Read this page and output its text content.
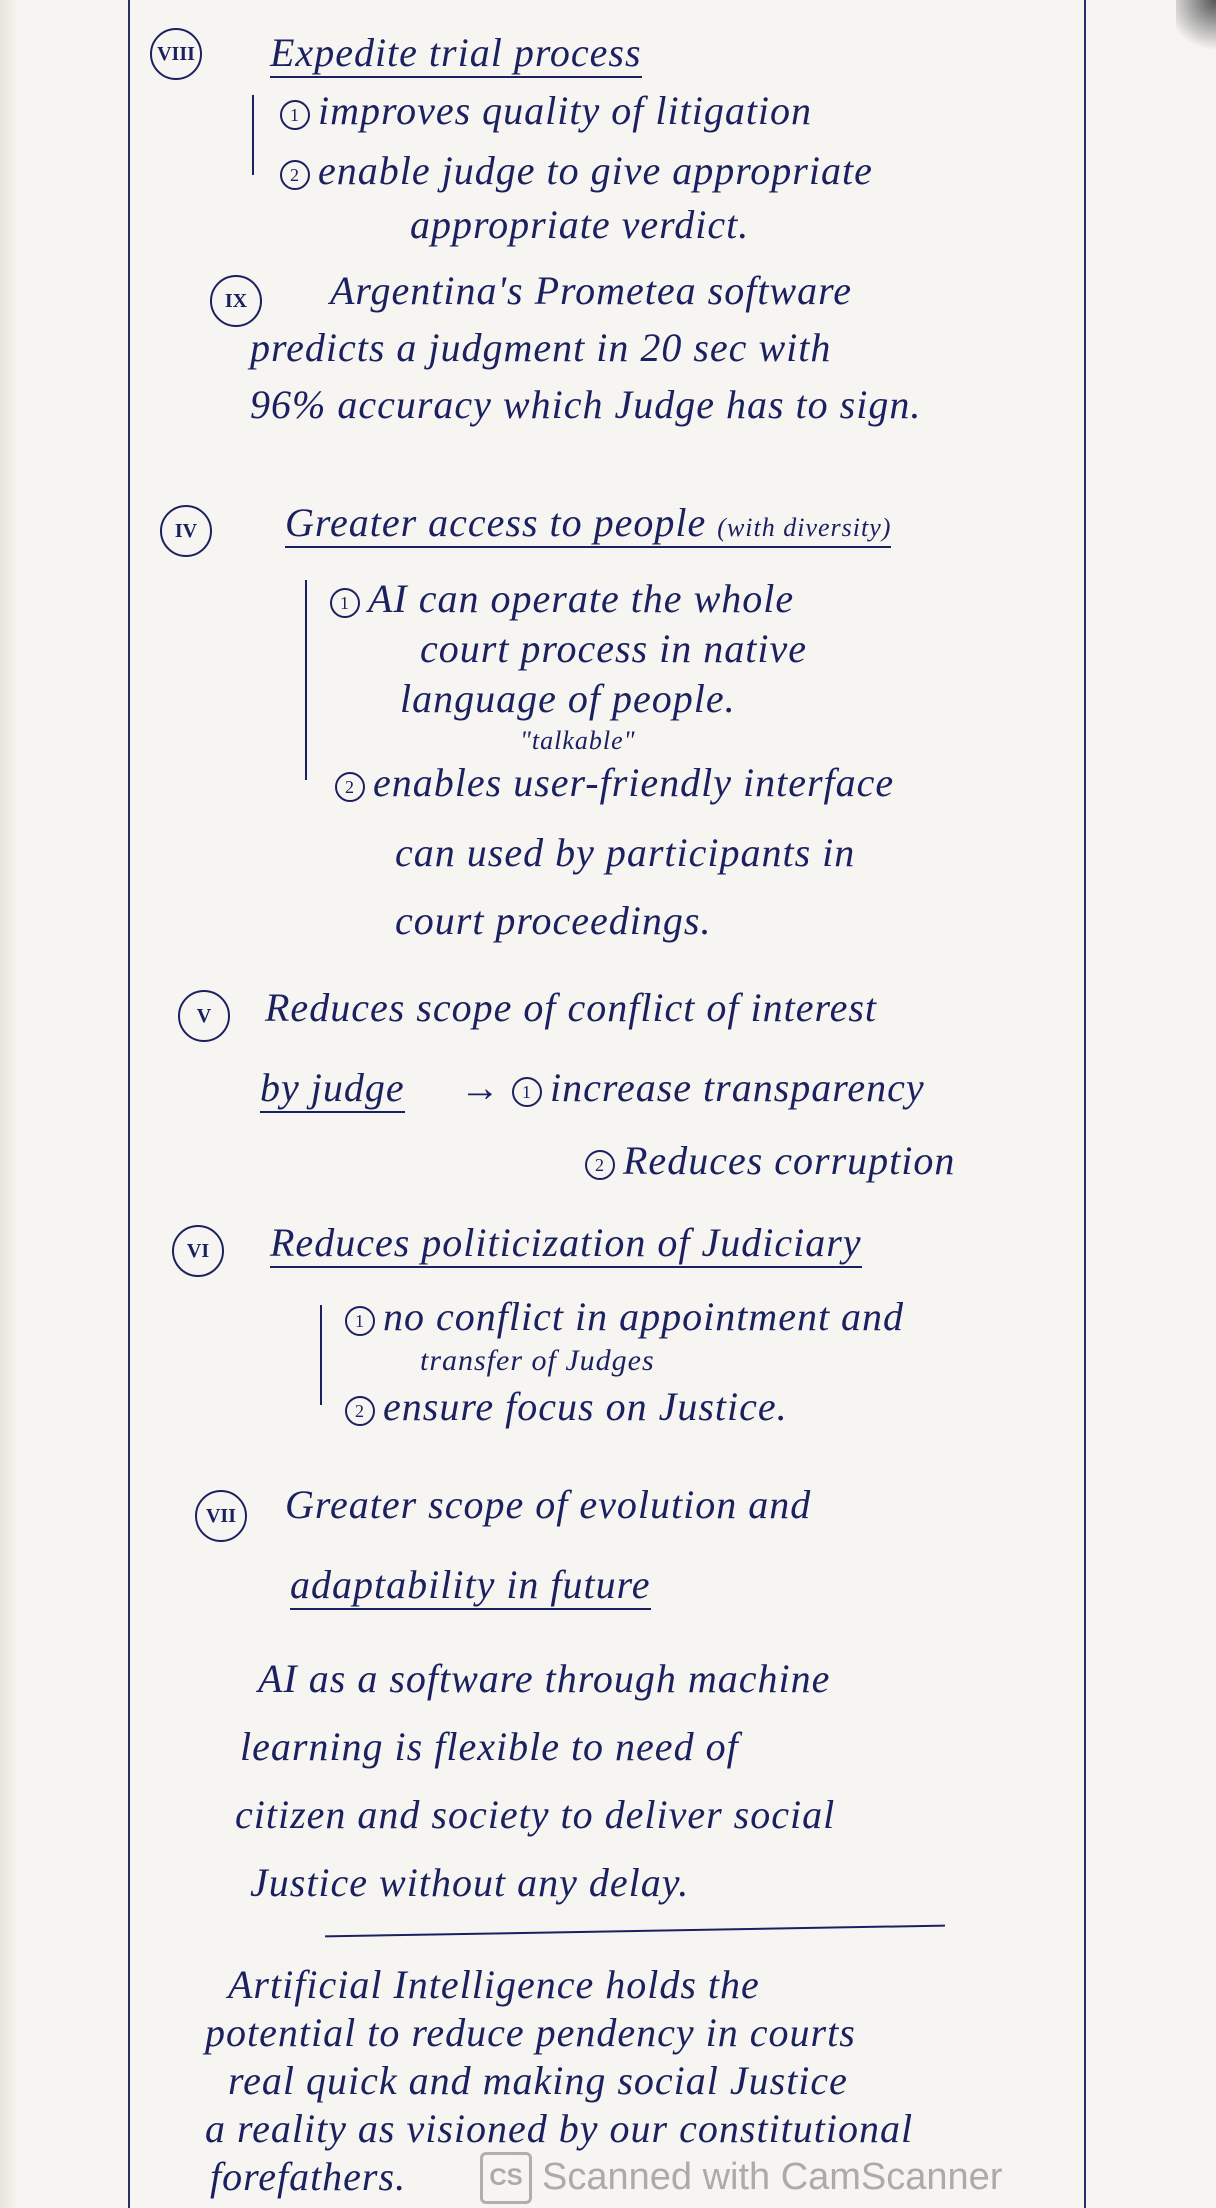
VIII Expedite trial process
1 improves quality of litigation
2 enable judge to give appropriate
appropriate verdict.
IX	Argentina's Prometea software
predicts a judgment in 20 sec with
96% accuracy which Judge has to sign.
IV	Greater access to people (with diversity)
1 AI can operate the whole
court process in native
language of people.
"talkable"
2 enables user-friendly interface
can used by participants in
court proceedings.
V	Reduces scope of conflict of interest
by judge → 1 increase transparency
2 Reduces corruption
VI	Reduces politicization of Judiciary
1 no conflict in appointment and
transfer of Judges
2 ensure focus on Justice.
VII Greater scope of evolution and
adaptability in future
AI as a software through machine
learning is flexible to need of
citizen and society to deliver social
Justice without any delay.
Artificial Intelligence holds the
potential to reduce pendency in courts
real quick and making social Justice
a reality as visioned by our constitutional
forefathers.	CS Scanned with CamScanner
